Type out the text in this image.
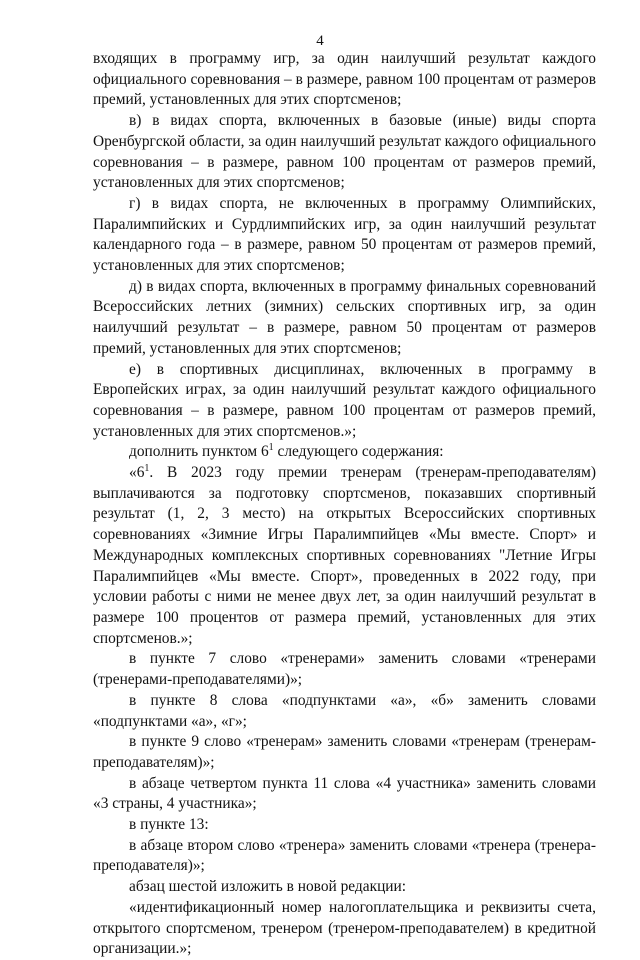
4

входящих в программу игр, за один наилучший результат каждого официального соревнования – в размере, равном 100 процентам от размеров премий, установленных для этих спортсменов;

в) в видах спорта, включенных в базовые (иные) виды спорта Оренбургской области, за один наилучший результат каждого официального соревнования – в размере, равном 100 процентам от размеров премий, установленных для этих спортсменов;

г) в видах спорта, не включенных в программу Олимпийских, Паралимпийских и Сурдлимпийских игр, за один наилучший результат календарного года – в размере, равном 50 процентам от размеров премий, установленных для этих спортсменов;

д) в видах спорта, включенных в программу финальных соревнований Всероссийских летних (зимних) сельских спортивных игр, за один наилучший результат – в размере, равном 50 процентам от размеров премий, установленных для этих спортсменов;

е) в спортивных дисциплинах, включенных в программу в Европейских играх, за один наилучший результат каждого официального соревнования – в размере, равном 100 процентам от размеров премий, установленных для этих спортсменов.»;

дополнить пунктом $6^1$ следующего содержания:

«$6^1$. В 2023 году премии тренерам (тренерам-преподавателям) выплачиваются за подготовку спортсменов, показавших спортивный результат (1, 2, 3 место) на открытых Всероссийских спортивных соревнованиях «Зимние Игры Паралимпийцев «Мы вместе. Спорт» и Международных комплексных спортивных соревнованиях "Летние Игры Паралимпийцев «Мы вместе. Спорт», проведенных в 2022 году, при условии работы с ними не менее двух лет, за один наилучший результат в размере 100 процентов от размера премий, установленных для этих спортсменов.»;

в пункте 7 слово «тренерами» заменить словами «тренерами (тренерами-преподавателями)»;

в пункте 8 слова «подпунктами «а», «б» заменить словами «подпунктами «а», «г»;

в пункте 9 слово «тренерам» заменить словами «тренерам (тренерам-преподавателям)»;

в абзаце четвертом пункта 11 слова «4 участника» заменить словами «3 страны, 4 участника»;

в пункте 13:

в абзаце втором слово «тренера» заменить словами «тренера (тренера-преподавателя)»;

абзац шестой изложить в новой редакции:

«идентификационный номер налогоплательщика и реквизиты счета, открытого спортсменом, тренером (тренером-преподавателем) в кредитной организации.»;
